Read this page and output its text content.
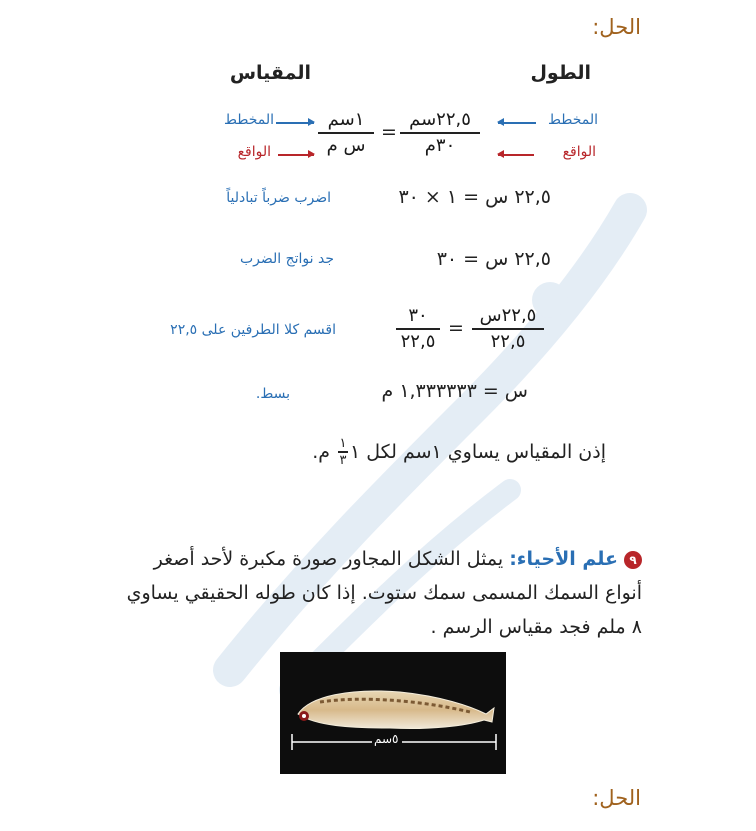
الحل:
الطول
المقياس
المخطط
الواقع
٢٢,٥سم
٣٠م
=
١سم
س م
المخطط
الواقع
٢٢,٥ س = ١ × ٣٠
اضرب ضرباً تبادلياً
٢٢,٥ س = ٣٠
جد نواتج الضرب
٢٢,٥س
٢٢,٥
=
٣٠
٢٢,٥
اقسم كلا الطرفين على ٢٢,٥
س = ١,٣٣٣٣٣٣ م
بسط.
إذن المقياس يساوي ١سم لكل
١
١
٣
م.
٩علم الأحياء: يمثل الشكل المجاور صورة مكبرة لأحد أصغر أنواع السمك المسمى سمك ستوت. إذا كان طوله الحقيقي يساوي ٨ ملم فجد مقياس الرسم .
٥سم
الحل:
